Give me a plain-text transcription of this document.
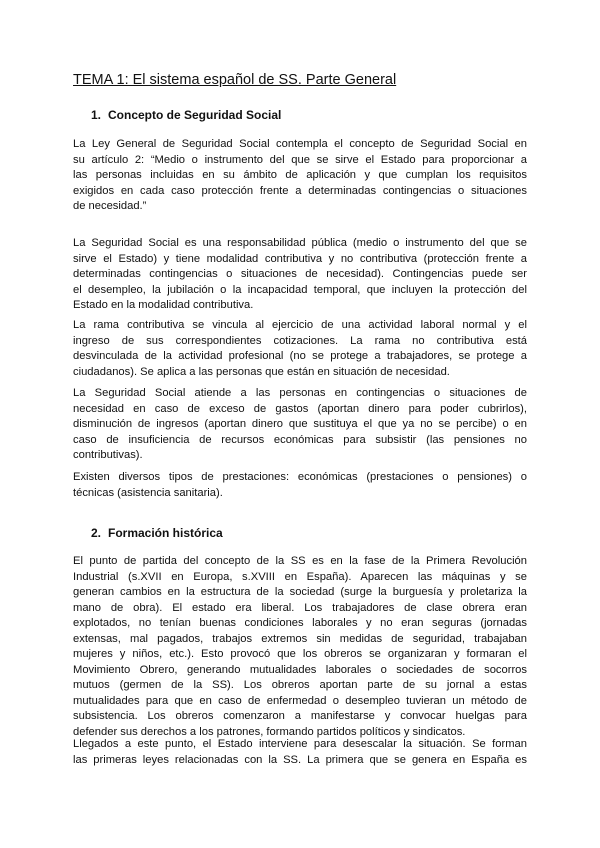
TEMA 1: El sistema español de SS. Parte General
1. Concepto de Seguridad Social

La Ley General de Seguridad Social contempla el concepto de Seguridad Social en
su artículo 2: “Medio o instrumento del que se sirve el Estado para proporcionar a
las personas incluidas en su ámbito de aplicación y que cumplan los requisitos
exigidos en cada caso protección frente a determinadas contingencias o situaciones
de necesidad.”

La Seguridad Social es una responsabilidad pública (medio o instrumento del que se
sirve el Estado) y tiene modalidad contributiva y no contributiva (protección frente a
determinadas contingencias o situaciones de necesidad). Contingencias puede ser
el desempleo, la jubilación o la incapacidad temporal, que incluyen la protección del
Estado en la modalidad contributiva.

La rama contributiva se vincula al ejercicio de una actividad laboral normal y el
ingreso de sus correspondientes cotizaciones. La rama no contributiva está
desvinculada de la actividad profesional (no se protege a trabajadores, se protege a
ciudadanos). Se aplica a las personas que están en situación de necesidad.

La Seguridad Social atiende a las personas en contingencias o situaciones de
necesidad en caso de exceso de gastos (aportan dinero para poder cubrirlos),
disminución de ingresos (aportan dinero que sustituya el que ya no se percibe) o en
caso de insuficiencia de recursos económicas para subsistir (las pensiones no
contributivas).

Existen diversos tipos de prestaciones: económicas (prestaciones o pensiones) o
técnicas (asistencia sanitaria).

2. Formación histórica

El punto de partida del concepto de la SS es en la fase de la Primera Revolución
Industrial (s.XVII en Europa, s.XVIII en España). Aparecen las máquinas y se
generan cambios en la estructura de la sociedad (surge la burguesía y proletariza la
mano de obra). El estado era liberal. Los trabajadores de clase obrera eran
explotados, no tenían buenas condiciones laborales y no eran seguras (jornadas
extensas, mal pagados, trabajos extremos sin medidas de seguridad, trabajaban
mujeres y niños, etc.). Esto provocó que los obreros se organizaran y formaran el
Movimiento Obrero, generando mutualidades laborales o sociedades de socorros
mutuos (germen de la SS). Los obreros aportan parte de su jornal a estas
mutualidades para que en caso de enfermedad o desempleo tuvieran un método de
subsistencia. Los obreros comenzaron a manifestarse y convocar huelgas para
defender sus derechos a los patrones, formando partidos políticos y sindicatos.

Llegados a este punto, el Estado interviene para desescalar la situación. Se forman
las primeras leyes relacionadas con la SS. La primera que se genera en España es
